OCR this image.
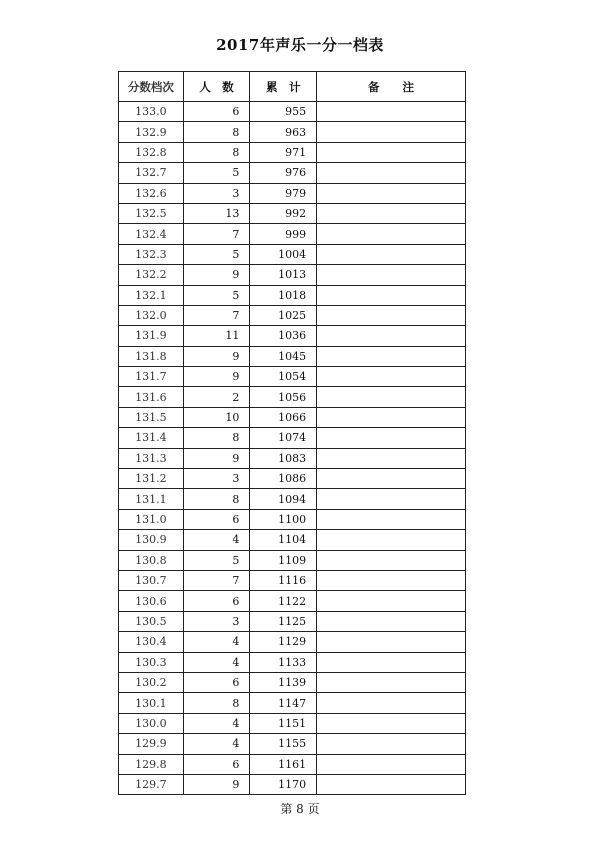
2017年声乐一分一档表
分数档次	人　数	累　计	备　　注
133.0	6	955	
132.9	8	963	
132.8	8	971	
132.7	5	976	
132.6	3	979	
132.5	13	992	
132.4	7	999	
132.3	5	1004	
132.2	9	1013	
132.1	5	1018	
132.0	7	1025	
131.9	11	1036	
131.8	9	1045	
131.7	9	1054	
131.6	2	1056	
131.5	10	1066	
131.4	8	1074	
131.3	9	1083	
131.2	3	1086	
131.1	8	1094	
131.0	6	1100	
130.9	4	1104	
130.8	5	1109	
130.7	7	1116	
130.6	6	1122	
130.5	3	1125	
130.4	4	1129	
130.3	4	1133	
130.2	6	1139	
130.1	8	1147	
130.0	4	1151	
129.9	4	1155	
129.8	6	1161	
129.7	9	1170	
第 8 页
